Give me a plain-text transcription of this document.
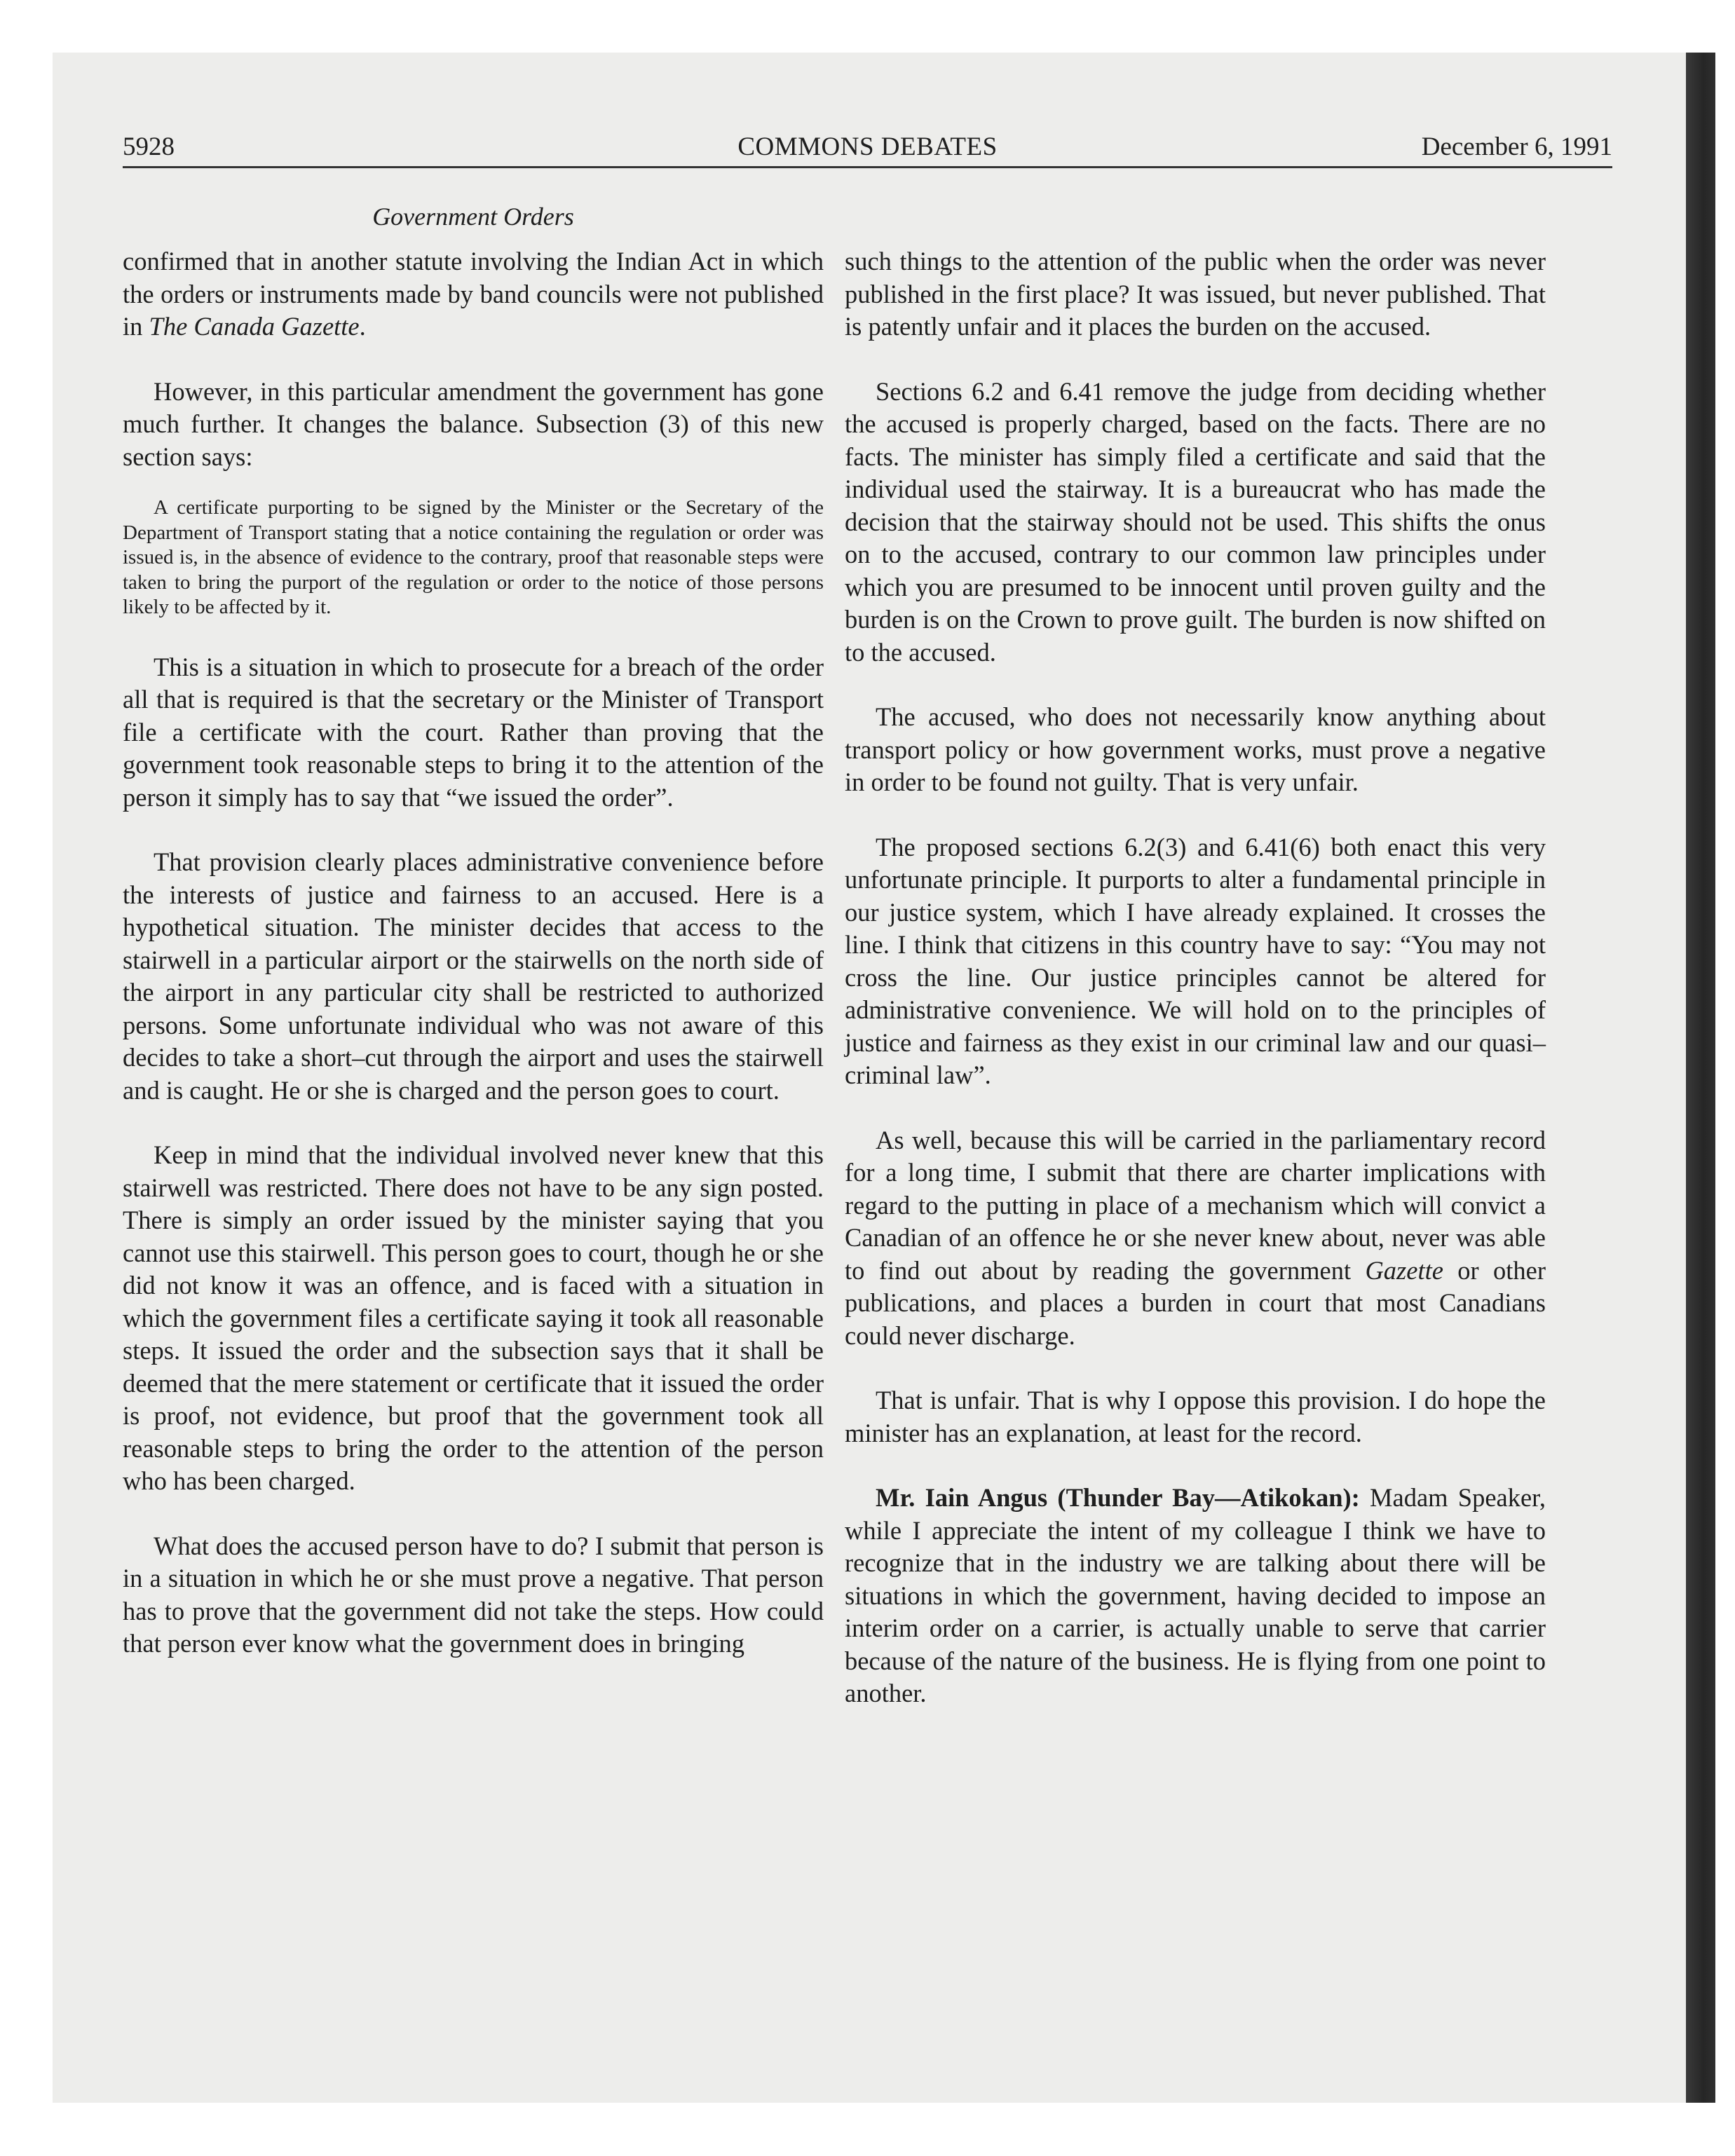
5928	COMMONS DEBATES	December 6, 1991
Government Orders

confirmed that in another statute involving the Indian Act in which the orders or instruments made by band councils were not published in The Canada Gazette.

However, in this particular amendment the government has gone much further. It changes the balance. Subsection (3) of this new section says:

A certificate purporting to be signed by the Minister or the Secretary of the Department of Transport stating that a notice containing the regulation or order was issued is, in the absence of evidence to the contrary, proof that reasonable steps were taken to bring the purport of the regulation or order to the notice of those persons likely to be affected by it.

This is a situation in which to prosecute for a breach of the order all that is required is that the secretary or the Minister of Transport file a certificate with the court. Rather than proving that the government took reasonable steps to bring it to the attention of the person it simply has to say that “we issued the order”.

That provision clearly places administrative convenience before the interests of justice and fairness to an accused. Here is a hypothetical situation. The minister decides that access to the stairwell in a particular airport or the stairwells on the north side of the airport in any particular city shall be restricted to authorized persons. Some unfortunate individual who was not aware of this decides to take a short–cut through the airport and uses the stairwell and is caught. He or she is charged and the person goes to court.

Keep in mind that the individual involved never knew that this stairwell was restricted. There does not have to be any sign posted. There is simply an order issued by the minister saying that you cannot use this stairwell. This person goes to court, though he or she did not know it was an offence, and is faced with a situation in which the government files a certificate saying it took all reasonable steps. It issued the order and the subsection says that it shall be deemed that the mere statement or certificate that it issued the order is proof, not evidence, but proof that the government took all reasonable steps to bring the order to the attention of the person who has been charged.

What does the accused person have to do? I submit that person is in a situation in which he or she must prove a negative. That person has to prove that the government did not take the steps. How could that person ever know what the government does in bringing

such things to the attention of the public when the order was never published in the first place? It was issued, but never published. That is patently unfair and it places the burden on the accused.

Sections 6.2 and 6.41 remove the judge from deciding whether the accused is properly charged, based on the facts. There are no facts. The minister has simply filed a certificate and said that the individual used the stairway. It is a bureaucrat who has made the decision that the stairway should not be used. This shifts the onus on to the accused, contrary to our common law principles under which you are presumed to be innocent until proven guilty and the burden is on the Crown to prove guilt. The burden is now shifted on to the accused.

The accused, who does not necessarily know anything about transport policy or how government works, must prove a negative in order to be found not guilty. That is very unfair.

The proposed sections 6.2(3) and 6.41(6) both enact this very unfortunate principle. It purports to alter a fundamental principle in our justice system, which I have already explained. It crosses the line. I think that citizens in this country have to say: “You may not cross the line. Our justice principles cannot be altered for administrative convenience. We will hold on to the principles of justice and fairness as they exist in our criminal law and our quasi–criminal law”.

As well, because this will be carried in the parliamentary record for a long time, I submit that there are charter implications with regard to the putting in place of a mechanism which will convict a Canadian of an offence he or she never knew about, never was able to find out about by reading the government Gazette or other publications, and places a burden in court that most Canadians could never discharge.

That is unfair. That is why I oppose this provision. I do hope the minister has an explanation, at least for the record.

Mr. Iain Angus (Thunder Bay—Atikokan): Madam Speaker, while I appreciate the intent of my colleague I think we have to recognize that in the industry we are talking about there will be situations in which the government, having decided to impose an interim order on a carrier, is actually unable to serve that carrier because of the nature of the business. He is flying from one point to another.
